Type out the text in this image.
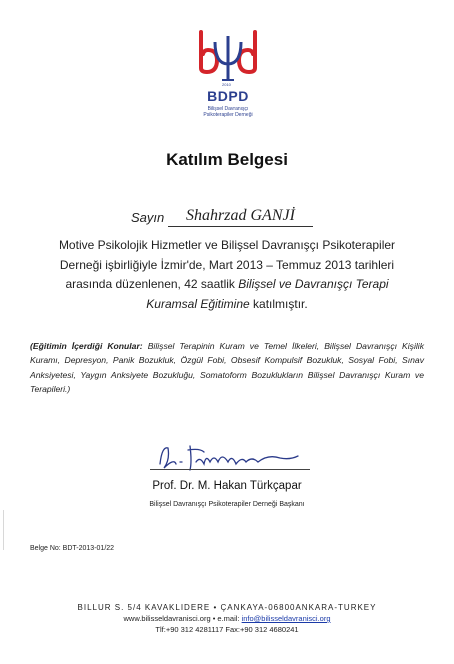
2010
BDPD
Bilişsel Davranışçı
Psikoterapiler Derneği
Katılım Belgesi
Sayın	Shahrzad GANJİ
Motive Psikolojik Hizmetler ve Bilişsel Davranışçı Psikoterapiler
Derneği işbirliğiyle İzmir'de, Mart 2013 – Temmuz 2013 tarihleri
arasında düzenlenen, 42 saatlik Bilişsel ve Davranışçı Terapi
Kuramsal Eğitimine katılmıştır.
(Eğitimin İçerdiği Konular: Bilişsel Terapinin Kuram ve Temel İlkeleri, Bilişsel Davranışçı Kişilik Kuramı, Depresyon, Panik Bozukluk, Özgül Fobi, Obsesif Kompulsif Bozukluk, Sosyal Fobi, Sınav Anksiyetesi, Yaygın Anksiyete Bozukluğu, Somatoform Bozuklukların Bilişsel Davranışçı Kuram ve Terapileri.)
Prof. Dr. M. Hakan Türkçapar
Bilişsel Davranışçı Psikoterapiler Derneği Başkanı
Belge No: BDT-2013-01/22
BILLUR S. 5/4 KAVAKLIDERE • ÇANKAYA-06800ANKARA-TURKEY
www.bilisseldavranisci.org • e.mail: info@bilisseldavranisci.org
Tlf:+90 312 4281117 Fax:+90 312 4680241
